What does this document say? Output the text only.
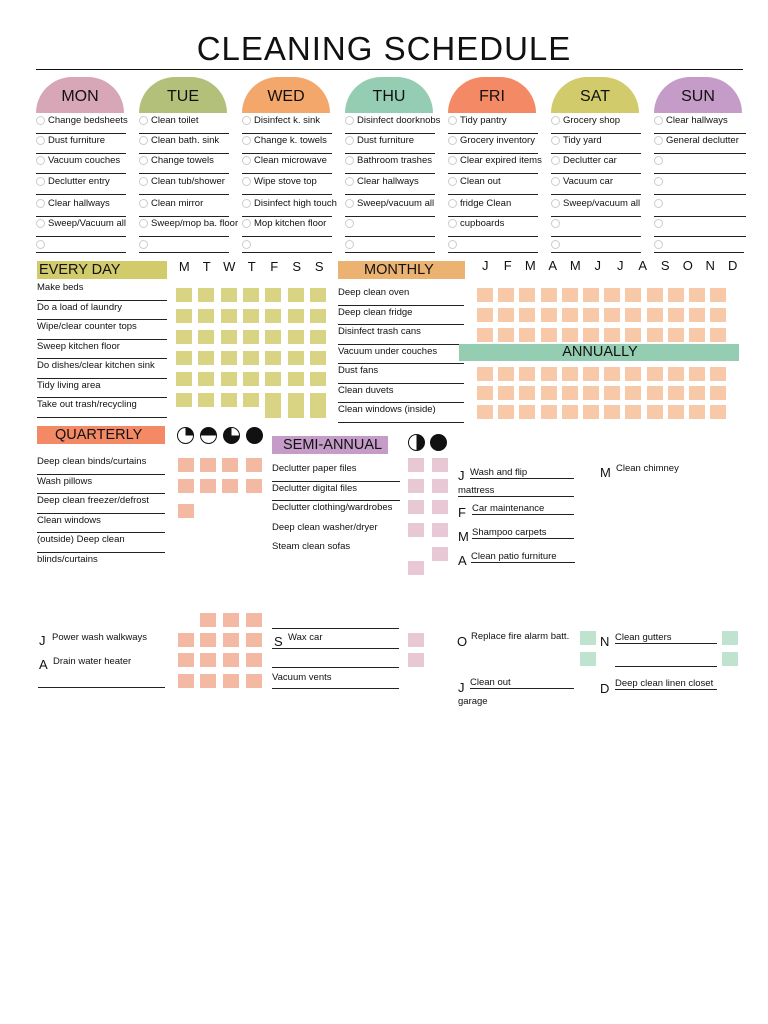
CLEANING SCHEDULE
MON
Change bedsheets
Dust furniture
Vacuum couches
Declutter entry
Clear hallways
Sweep/Vacuum all
TUE
Clean toilet
Clean bath. sink
Change towels
Clean tub/shower
Clean mirror
Sweep/mop ba. floor
WED
Disinfect k. sink
Change k. towels
Clean microwave
Wipe stove top
Disinfect high touch
Mop kitchen floor
THU
Disinfect doorknobs
Dust furniture
Bathroom trashes
Clear hallways
Sweep/vacuum all
FRI
Tidy pantry
Grocery inventory
Clear expired items
Clean out
fridge Clean
cupboards
SAT
Grocery shop
Tidy yard
Declutter car
Vacuum car
Sweep/vacuum all
SUN
Clear hallways
General declutter
EVERY DAY	M T W T F S S
Make beds
Do a load of laundry
Wipe/clear counter tops
Sweep kitchen floor
Do dishes/clear kitchen sink
Tidy living area
Take out trash/recycling
MONTHLY	J F M A M J J A S O N D
Deep clean oven
Deep clean fridge
Disinfect trash cans
Vacuum under couches
Dust fans
Clean duvets
Clean windows (inside)
ANNUALLY
QUARTERLY
Deep clean binds/curtains
Wash pillows
Deep clean freezer/defrost
Clean windows
(outside) Deep clean
blinds/curtains
SEMI-ANNUAL
Declutter paper files
Declutter digital files
Declutter clothing/wardrobes
Deep clean washer/dryer
Steam clean sofas
J Wash and flip
mattress
F Car maintenance
M Shampoo carpets
A Clean patio furniture
M Clean chimney
O Replace fire alarm batt.	N Clean gutters
J Clean out
garage
D Deep clean linen closet
J Power wash walkways
A Drain water heater
S Wax car
Vacuum vents
